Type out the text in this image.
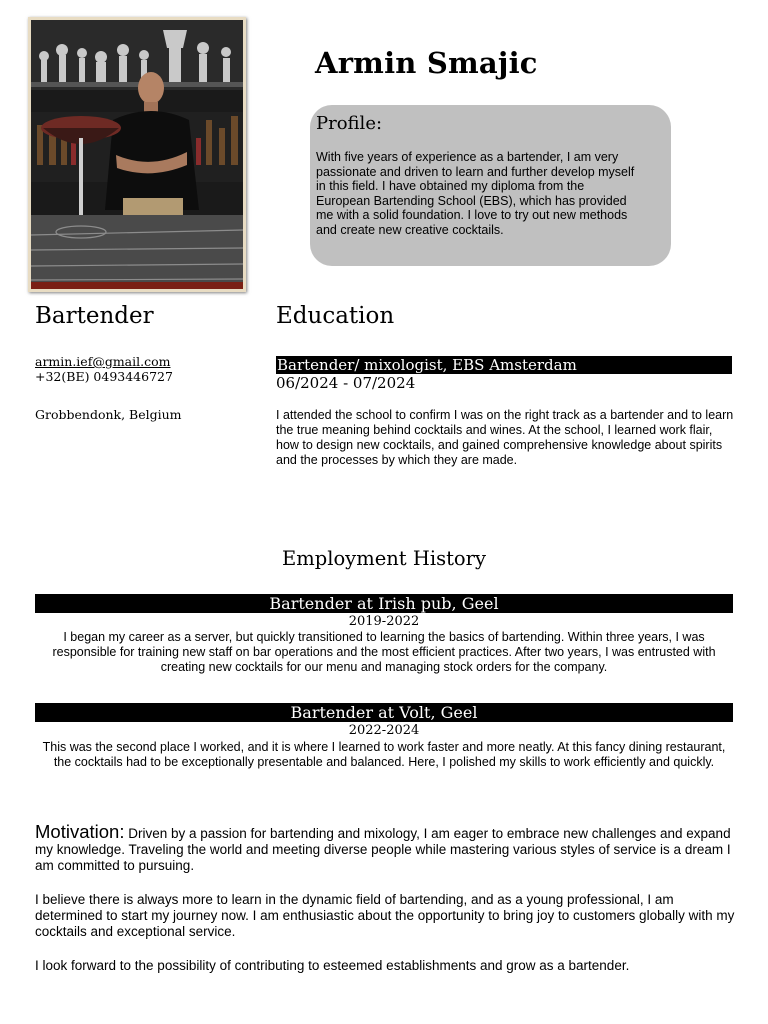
Armin Smajic
Profile:
With five years of experience as a bartender, I am very passionate and driven to learn and further develop myself in this field. I have obtained my diploma from the European Bartending School (EBS), which has provided me with a solid foundation. I love to try out new methods and create new creative cocktails.
Bartender
armin.ief@gmail.com
+32(BE) 0493446727
Grobbendonk, Belgium
Education
Bartender/ mixologist, EBS Amsterdam
06/2024 - 07/2024
I attended the school to confirm I was on the right track as a bartender and to learn the true meaning behind cocktails and wines. At the school, I learned work flair, how to design new cocktails, and gained comprehensive knowledge about spirits and the processes by which they are made.
Employment History
Bartender at Irish pub, Geel
2019-2022
I began my career as a server, but quickly transitioned to learning the basics of bartending. Within three years, I was responsible for training new staff on bar operations and the most efficient practices. After two years, I was entrusted with creating new cocktails for our menu and managing stock orders for the company.
Bartender at Volt, Geel
2022-2024
This was the second place I worked, and it is where I learned to work faster and more neatly. At this fancy dining restaurant, the cocktails had to be exceptionally presentable and balanced. Here, I polished my skills to work efficiently and quickly.

Motivation: Driven by a passion for bartending and mixology, I am eager to embrace new challenges and expand my knowledge. Traveling the world and meeting diverse people while mastering various styles of service is a dream I am committed to pursuing.

I believe there is always more to learn in the dynamic field of bartending, and as a young professional, I am determined to start my journey now. I am enthusiastic about the opportunity to bring joy to customers globally with my cocktails and exceptional service.

I look forward to the possibility of contributing to esteemed establishments and grow as a bartender.
